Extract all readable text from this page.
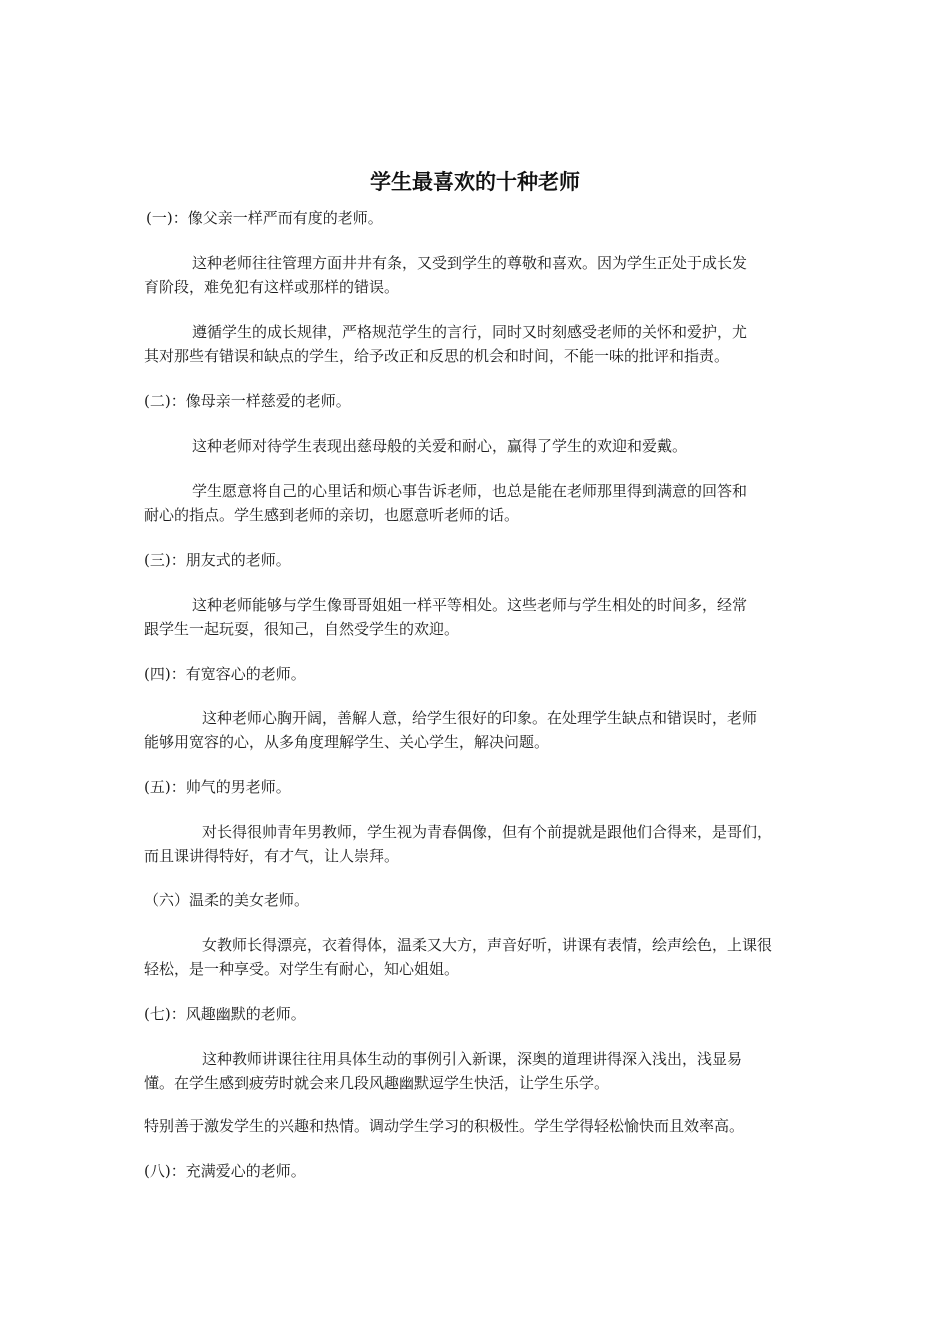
学生最喜欢的十种老师
(一)：像父亲一样严而有度的老师。
这种老师往往管理方面井井有条，又受到学生的尊敬和喜欢。因为学生正处于成长发
育阶段，难免犯有这样或那样的错误。
遵循学生的成长规律，严格规范学生的言行，同时又时刻感受老师的关怀和爱护，尤
其对那些有错误和缺点的学生，给予改正和反思的机会和时间，不能一味的批评和指责。
(二)：像母亲一样慈爱的老师。
这种老师对待学生表现出慈母般的关爱和耐心，赢得了学生的欢迎和爱戴。
学生愿意将自己的心里话和烦心事告诉老师，也总是能在老师那里得到满意的回答和
耐心的指点。学生感到老师的亲切，也愿意听老师的话。
(三)：朋友式的老师。
这种老师能够与学生像哥哥姐姐一样平等相处。这些老师与学生相处的时间多，经常
跟学生一起玩耍，很知己，自然受学生的欢迎。
(四)：有宽容心的老师。
这种老师心胸开阔，善解人意，给学生很好的印象。在处理学生缺点和错误时，老师
能够用宽容的心，从多角度理解学生、关心学生，解决问题。
(五)：帅气的男老师。
对长得很帅青年男教师，学生视为青春偶像，但有个前提就是跟他们合得来，是哥们，
而且课讲得特好，有才气，让人崇拜。
（六）温柔的美女老师。
女教师长得漂亮，衣着得体，温柔又大方，声音好听，讲课有表情，绘声绘色，上课很
轻松，是一种享受。对学生有耐心，知心姐姐。
(七)：风趣幽默的老师。
这种教师讲课往往用具体生动的事例引入新课，深奥的道理讲得深入浅出，浅显易
懂。在学生感到疲劳时就会来几段风趣幽默逗学生快活，让学生乐学。
特别善于激发学生的兴趣和热情。调动学生学习的积极性。学生学得轻松愉快而且效率高。
(八)：充满爱心的老师。
